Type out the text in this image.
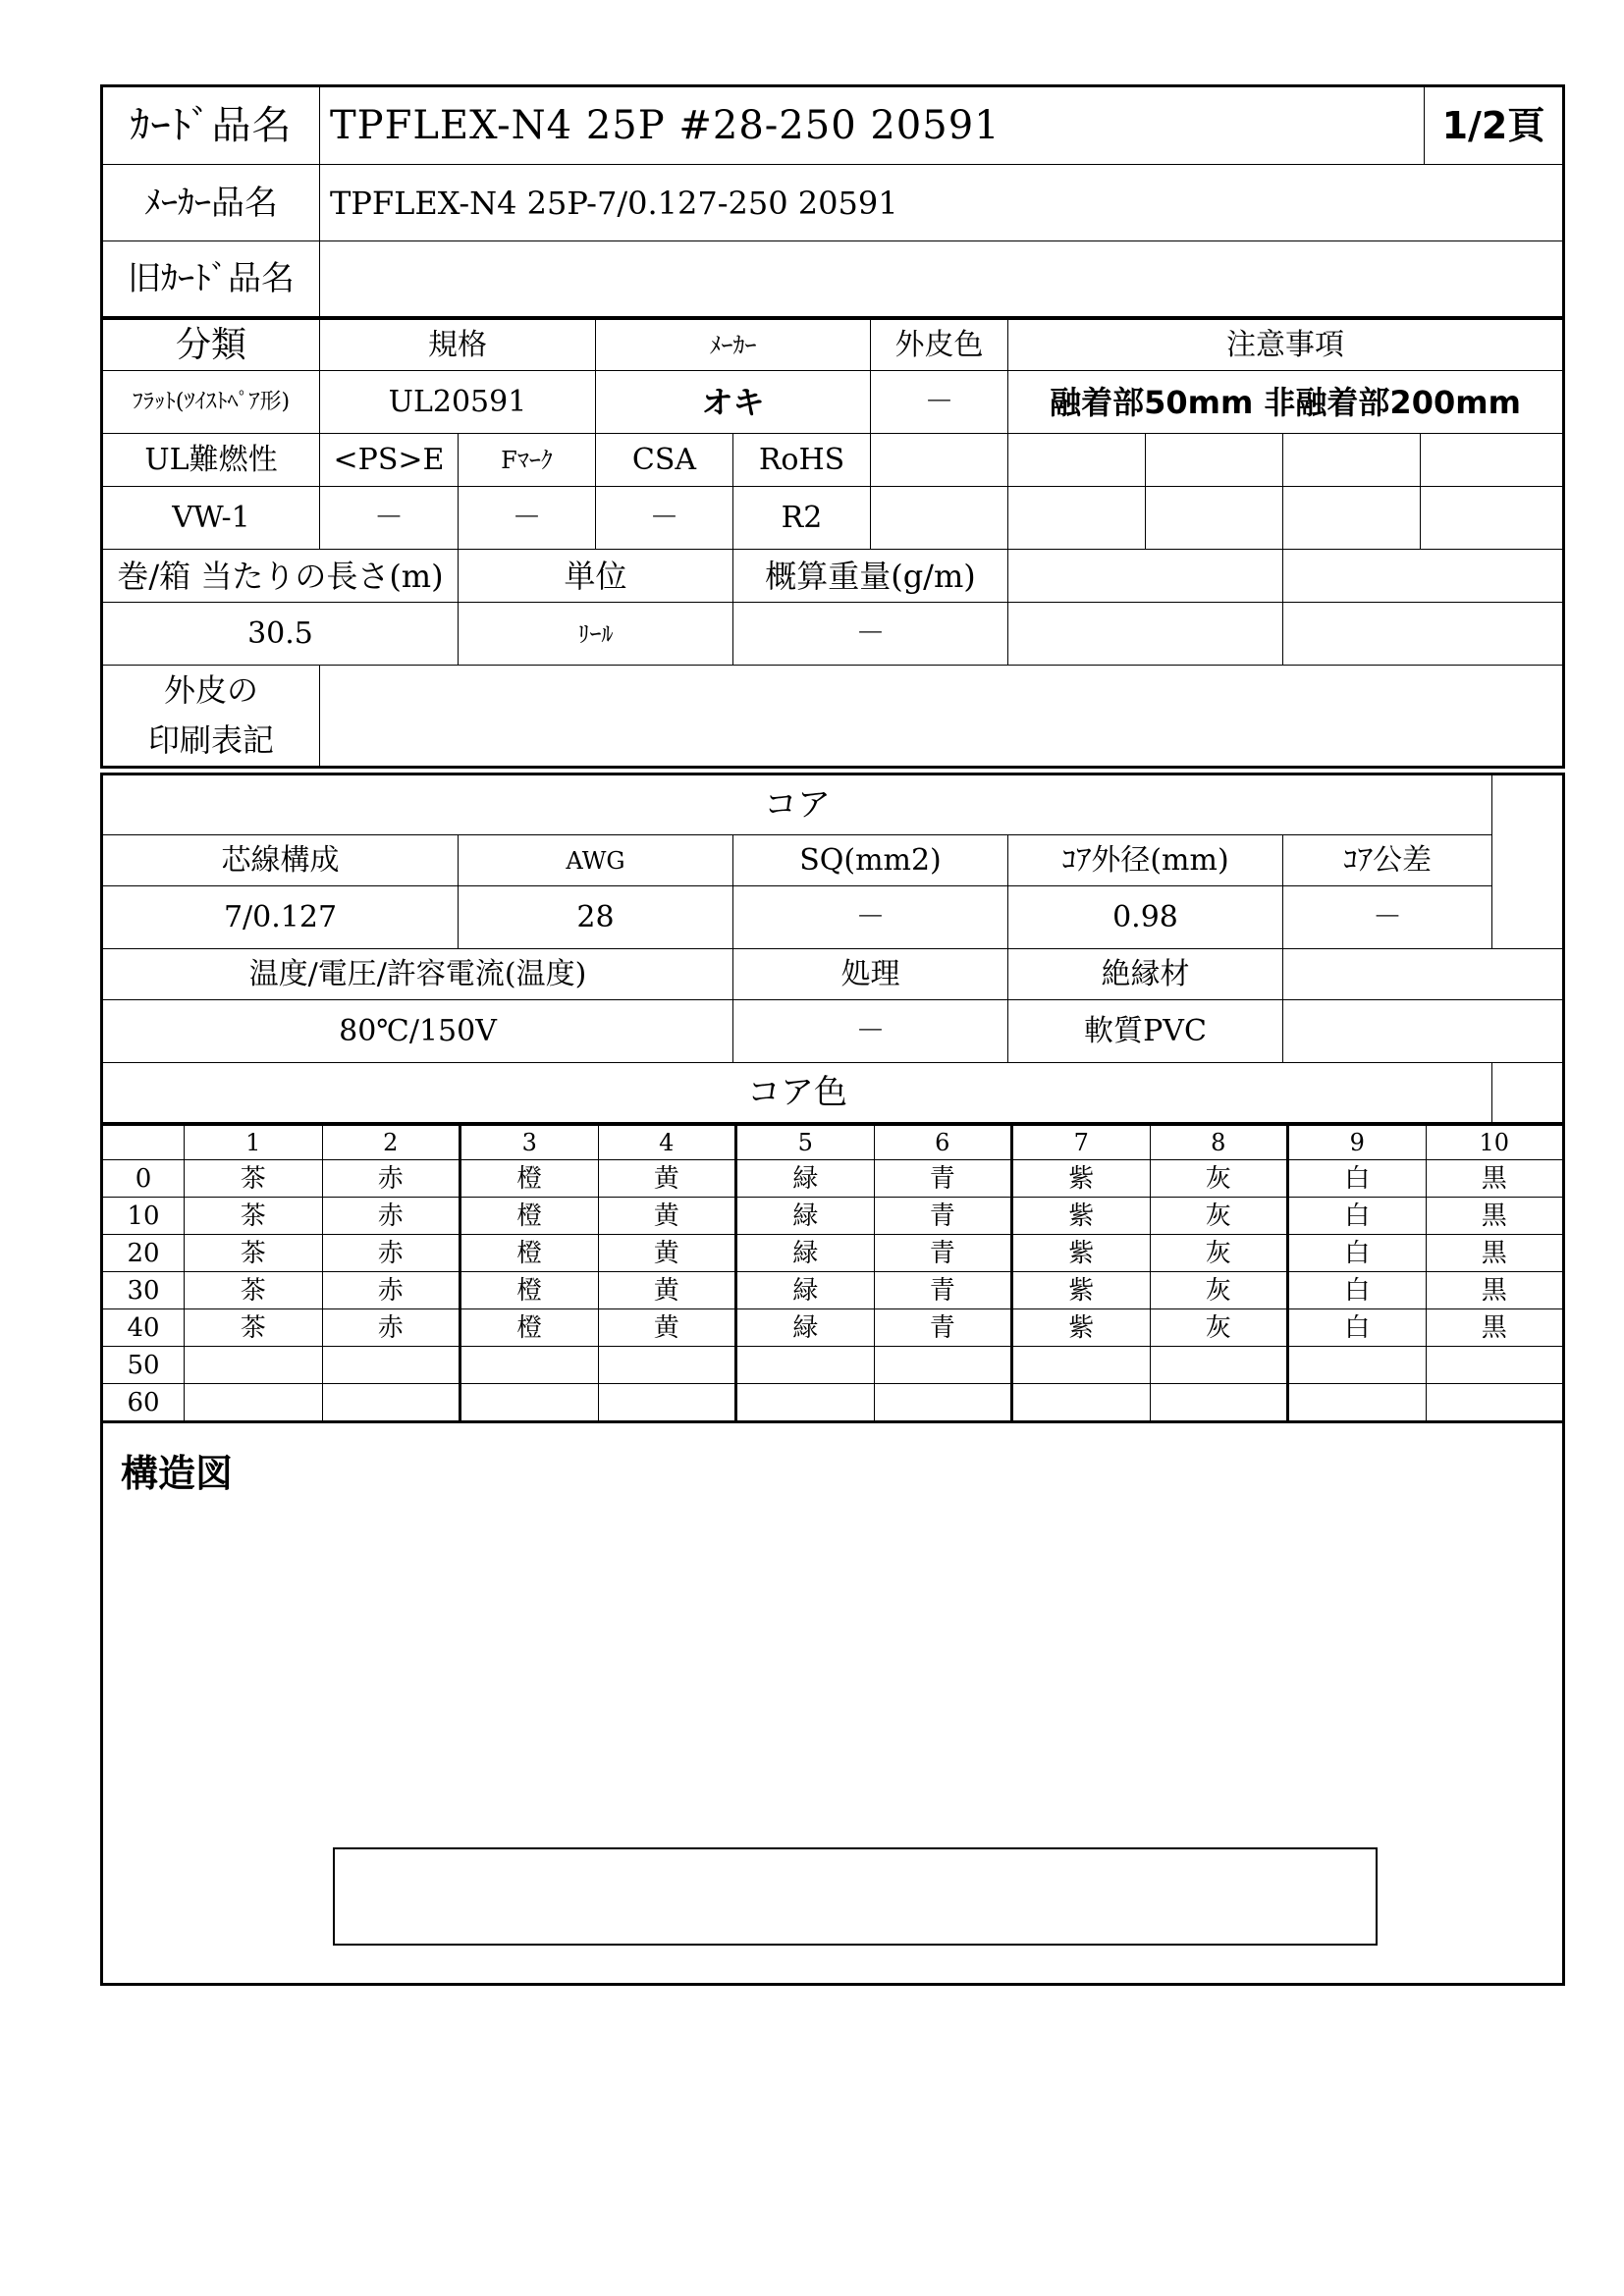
ｶｰﾄﾞ品名	TPFLEX-N4 25P #28-250 20591	1/2頁
ﾒｰｶｰ品名	TPFLEX-N4 25P-7/0.127-250 20591	
旧ｶｰﾄﾞ品名		
分類	規格		ﾒｰｶｰ		外皮色	注意事項			
ﾌﾗｯﾄ(ﾂｲｽﾄﾍﾟｱ形)	UL20591		オキ		－	融着部50mm 非融着部200mm			
UL難燃性	<PS>E	Fﾏｰｸ	CSA	RoHS					
VW-1	－	－	－	R2					
巻/箱 当たりの長さ(m)		単位		概算重量(g/m)					
30.5		ﾘｰﾙ		－					

外皮の
印刷表記									

コア				
芯線構成	AWG	SQ(mm2)	ｺｱ外径(mm)	ｺｱ公差
7/0.127	28	－	0.98	－
温度/電圧/許容電流(温度)		処理	絶縁材	
80℃/150V		－	軟質PVC	
コア色				
	1	2	3	4	5	6	7	8	9	10
0	茶	赤	橙	黄	緑	青	紫	灰	白	黒
10	茶	赤	橙	黄	緑	青	紫	灰	白	黒
20	茶	赤	橙	黄	緑	青	紫	灰	白	黒
30	茶	赤	橙	黄	緑	青	紫	灰	白	黒
40	茶	赤	橙	黄	緑	青	紫	灰	白	黒
50										
60										
構造図
